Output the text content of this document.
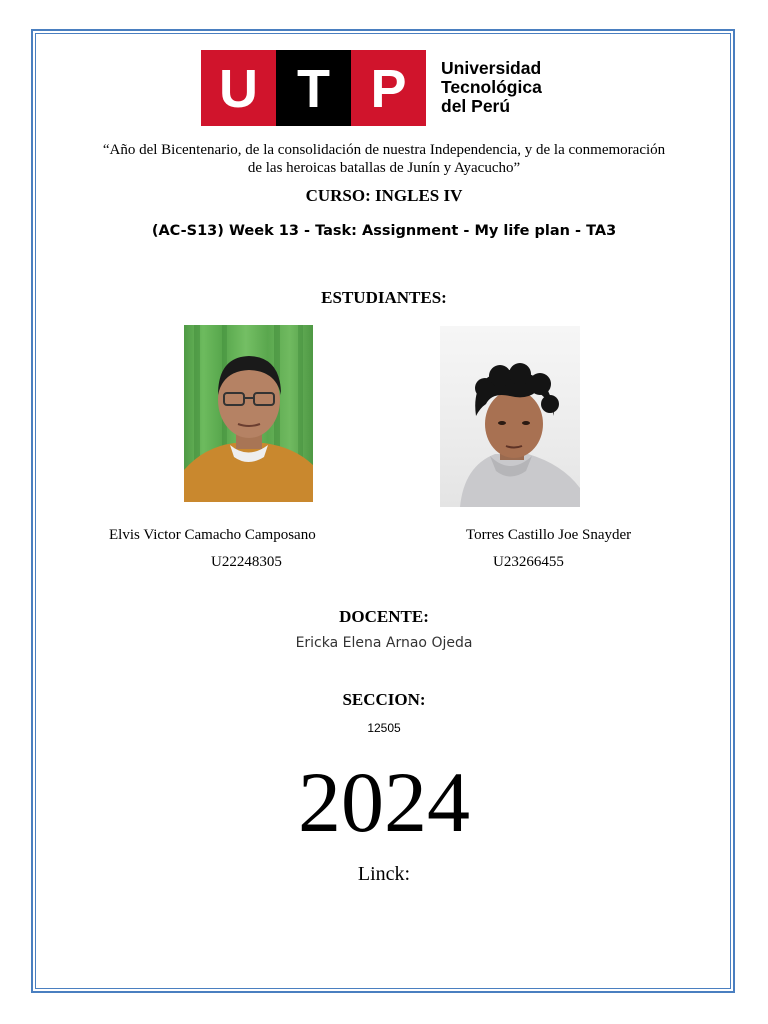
U T P Universidad
Tecnológica
del Perú
“Año del Bicentenario, de la consolidación de nuestra Independencia, y de la conmemoración de las heroicas batallas de Junín y Ayacucho”
CURSO: INGLES IV
(AC-S13) Week 13 - Task: Assignment - My life plan - TA3
ESTUDIANTES:
Elvis Victor Camacho Camposano	Torres Castillo Joe Snayder
U22248305	U23266455
DOCENTE:
Ericka Elena Arnao Ojeda
SECCION:
12505
2024
Linck:
